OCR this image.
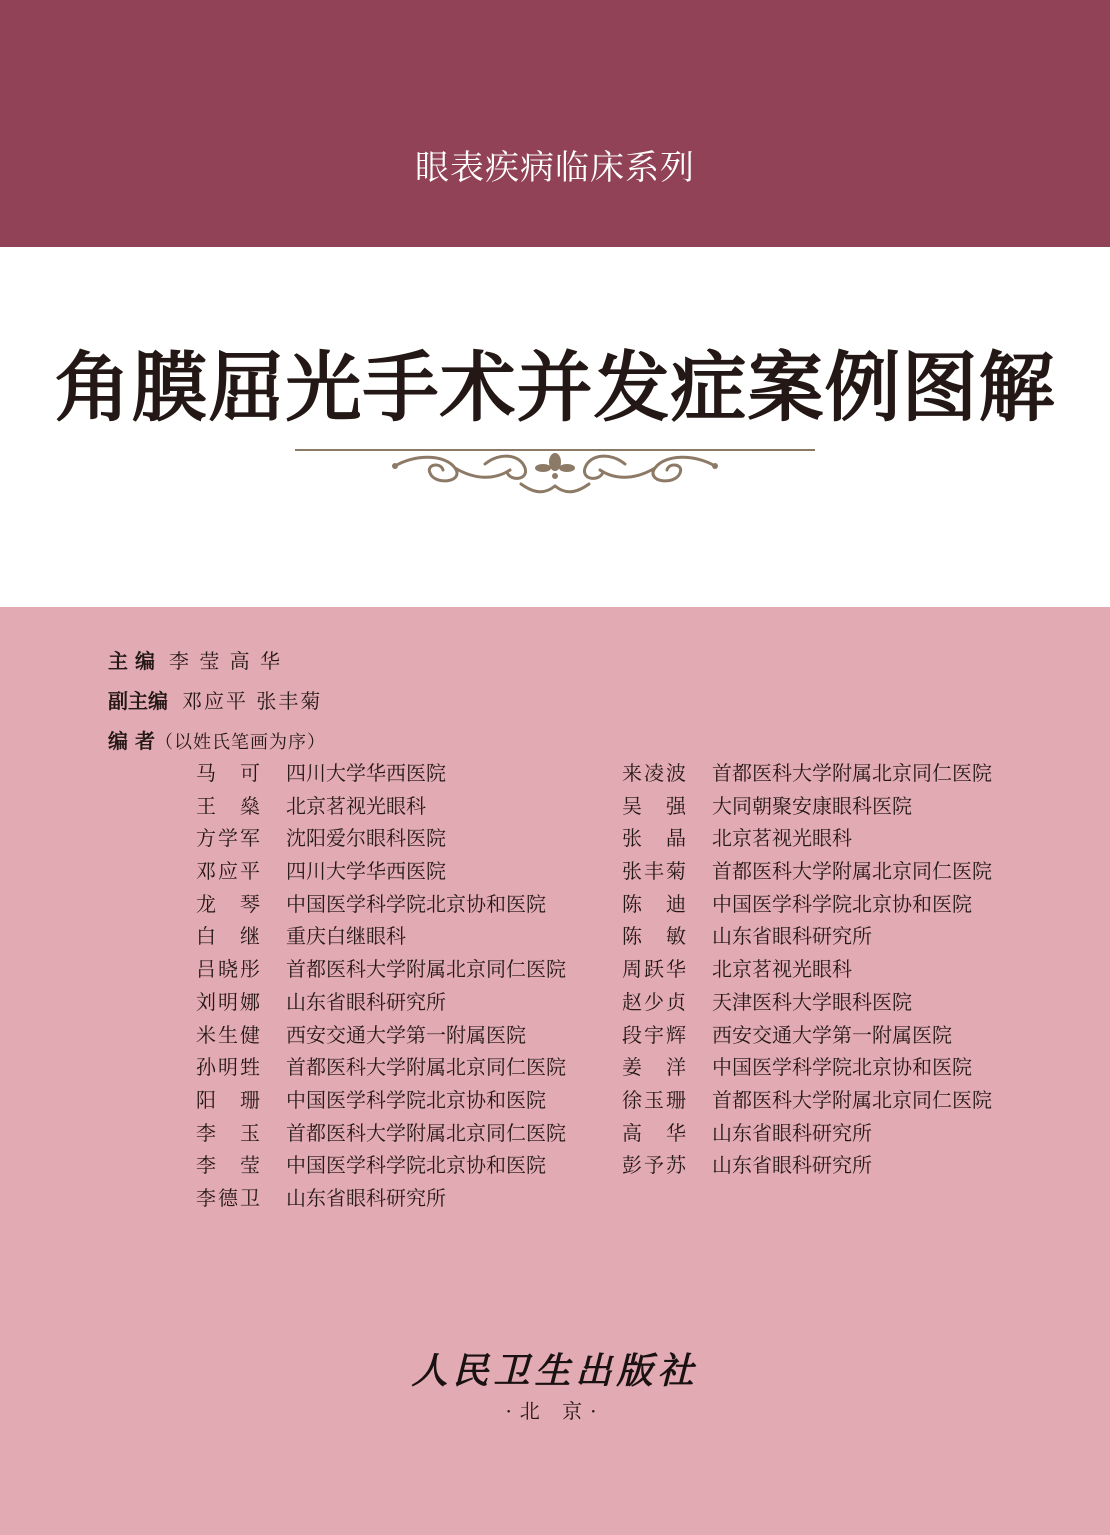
眼表疾病临床系列
角膜屈光手术并发症案例图解
主 编 李 莹 高 华
副主编 邓应平 张丰菊
编 者 （以姓氏笔画为序）
马　可	四川大学华西医院	来凌波	首都医科大学附属北京同仁医院
王　燊	北京茗视光眼科	吴　强	大同朝聚安康眼科医院
方学军	沈阳爱尔眼科医院	张　晶	北京茗视光眼科
邓应平	四川大学华西医院	张丰菊	首都医科大学附属北京同仁医院
龙　琴	中国医学科学院北京协和医院	陈　迪	中国医学科学院北京协和医院
白　继	重庆白继眼科	陈　敏	山东省眼科研究所
吕晓彤	首都医科大学附属北京同仁医院	周跃华	北京茗视光眼科
刘明娜	山东省眼科研究所	赵少贞	天津医科大学眼科医院
米生健	西安交通大学第一附属医院	段宇辉	西安交通大学第一附属医院
孙明甡	首都医科大学附属北京同仁医院	姜　洋	中国医学科学院北京协和医院
阳　珊	中国医学科学院北京协和医院	徐玉珊	首都医科大学附属北京同仁医院
李　玉	首都医科大学附属北京同仁医院	高　华	山东省眼科研究所
李　莹	中国医学科学院北京协和医院	彭予苏	山东省眼科研究所
李德卫	山东省眼科研究所
人民卫生出版社
·北 京·
